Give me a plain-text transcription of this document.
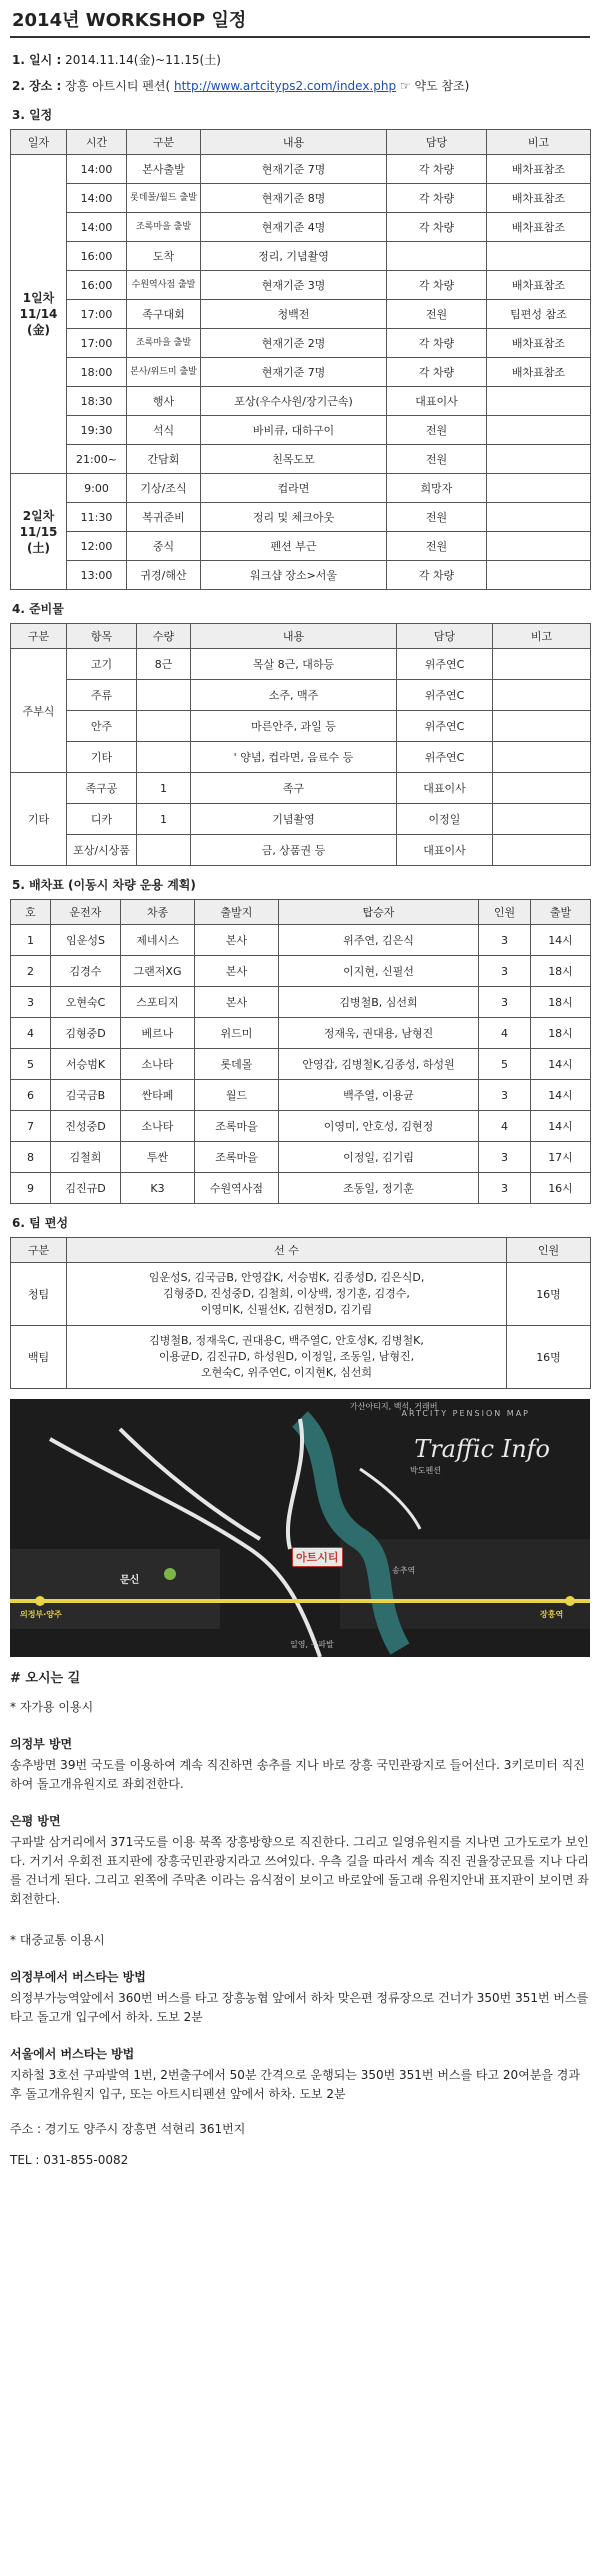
2014년 WORKSHOP 일정
1. 일시 : 2014.11.14(金)~11.15(土)
2. 장소 : 장흥 아트시티 펜션( http://www.artcityps2.com/index.php ☞ 약도 참조)
3. 일정
일자	시간	구분	내용	담당	비고

1일차
11/14
(金)	14:00	본사출발	현재기준 7명	각 차량	배차표참조
	14:00	롯데몰/월드 출발	현재기준 8명	각 차량	배차표참조
	14:00	조록마을 출발	현재기준 4명	각 차량	배차표참조
	16:00	도착	정리, 기념촬영		
	16:00	수원역사점 출발	현재기준 3명	각 차량	배차표참조
	17:00	족구대회	청백전	전원	팀편성 참조
	17:00	조록마을 출발	현재기준 2명	각 차량	배차표참조
	18:00	본사/위드미 출발	현재기준 7명	각 차량	배차표참조
	18:30	행사	포상(우수사원/장기근속)	대표이사	
	19:30	석식	바비큐, 대하구이	전원	
	21:00~	간담회	친목도모	전원	

2일차
11/15
(土)	9:00	기상/조식	컵라면	희망자	
	11:30	복귀준비	정리 및 체크아웃	전원	
	12:00	중식	펜션 부근	전원	
	13:00	귀경/해산	워크샵 장소>서울	각 차량	
4. 준비물
구분	항목	수량	내용	담당	비고
주부식	고기	8근	목살 8근, 대하등	위주연C	
	주류		소주, 맥주	위주연C	
	안주		마른안주, 과일 등	위주연C	
	기타		' 양념, 컵라면, 음료수 등	위주연C	
기타	족구공	1	족구	대표이사	
	디카	1	기념촬영	이정일	
	포상/시상품		금, 상품권 등	대표이사	
5. 배차표 (이동시 차량 운용 계획)
호	운전자	차종	출발지	탑승자	인원	출발
1	임운성S	제네시스	본사	위주연, 김은식	3	14시
2	김경수	그랜저XG	본사	이지현, 신필선	3	18시
3	오현숙C	스포티지	본사	김병철B, 심선희	3	18시
4	김형중D	베르나	위드미	정재욱, 권대용, 남형진	4	18시
5	서승범K	소나타	롯데몰	안영갑, 김병철K,김종성, 하성원	5	14시
6	김국금B	싼타페	월드	백주열, 이용균	3	14시
7	진성중D	소나타	조록마을	이영미, 안호성, 김현정	4	14시
8	김철희	투싼	조록마을	이정일, 김기림	3	17시
9	김진규D	K3	수원역사점	조동일, 정기훈	3	16시
6. 팀 편성
구분	선 수	인원
청팀	임운성S, 김국금B, 안영갑K, 서승범K, 김종성D, 김은식D,
김형중D, 진성중D, 김철희, 이상백, 정기훈, 김경수,
이영미K, 신필선K, 김현정D, 김기림	16명
백팀	김병철B, 정재욱C, 권대용C, 백주열C, 안호성K, 김병철K,
이용균D, 김진규D, 하성원D, 이정일, 조동일, 남형진,
오현숙C, 위주연C, 이지현K, 심선희	16명
ARTCITY PENSION MAP
Traffic Info
가산아티지, 백석, 거래버
박도펜션
아트시티
문신
송추역
의정부·양주	장흥역
일영, 구파발
# 오시는 길

* 자가용 이용시

의정부 방면

송추방면 39번 국도를 이용하여 계속 직진하면 송추를 지나 바로 장흥 국민관광지로 들어선다. 3키로미터 직진하여 돌고개유원지로 좌회전한다.

은평 방면

구파발 삼거리에서 371국도를 이용 북쪽 장흥방향으로 직진한다. 그리고 일영유원지를 지나면 고가도로가 보인다. 거기서 우회전 표지판에 장흥국민관광지라고 쓰여있다. 우측 길을 따라서 계속 직진 권율장군묘를 지나 다리를 건너게 된다. 그리고 왼쪽에 주막촌 이라는 음식점이 보이고 바로앞에 돌고래 유원지안내 표지판이 보이면 좌회전한다.

* 대중교통 이용시

의정부에서 버스타는 방법

의정부가능역앞에서 360번 버스를 타고 장흥농협 앞에서 하차 맞은편 정류장으로 건너가 350번 351번 버스를 타고 돌고개 입구에서 하차. 도보 2분

서울에서 버스타는 방법

지하철 3호선 구파발역 1번, 2번출구에서 50분 간격으로 운행되는 350번 351번 버스를 타고 20여분을 경과 후 돌고개유원지 입구, 또는 아트시티펜션 앞에서 하차. 도보 2분

주소 : 경기도 양주시 장흥면 석현리 361번지

TEL : 031-855-0082
